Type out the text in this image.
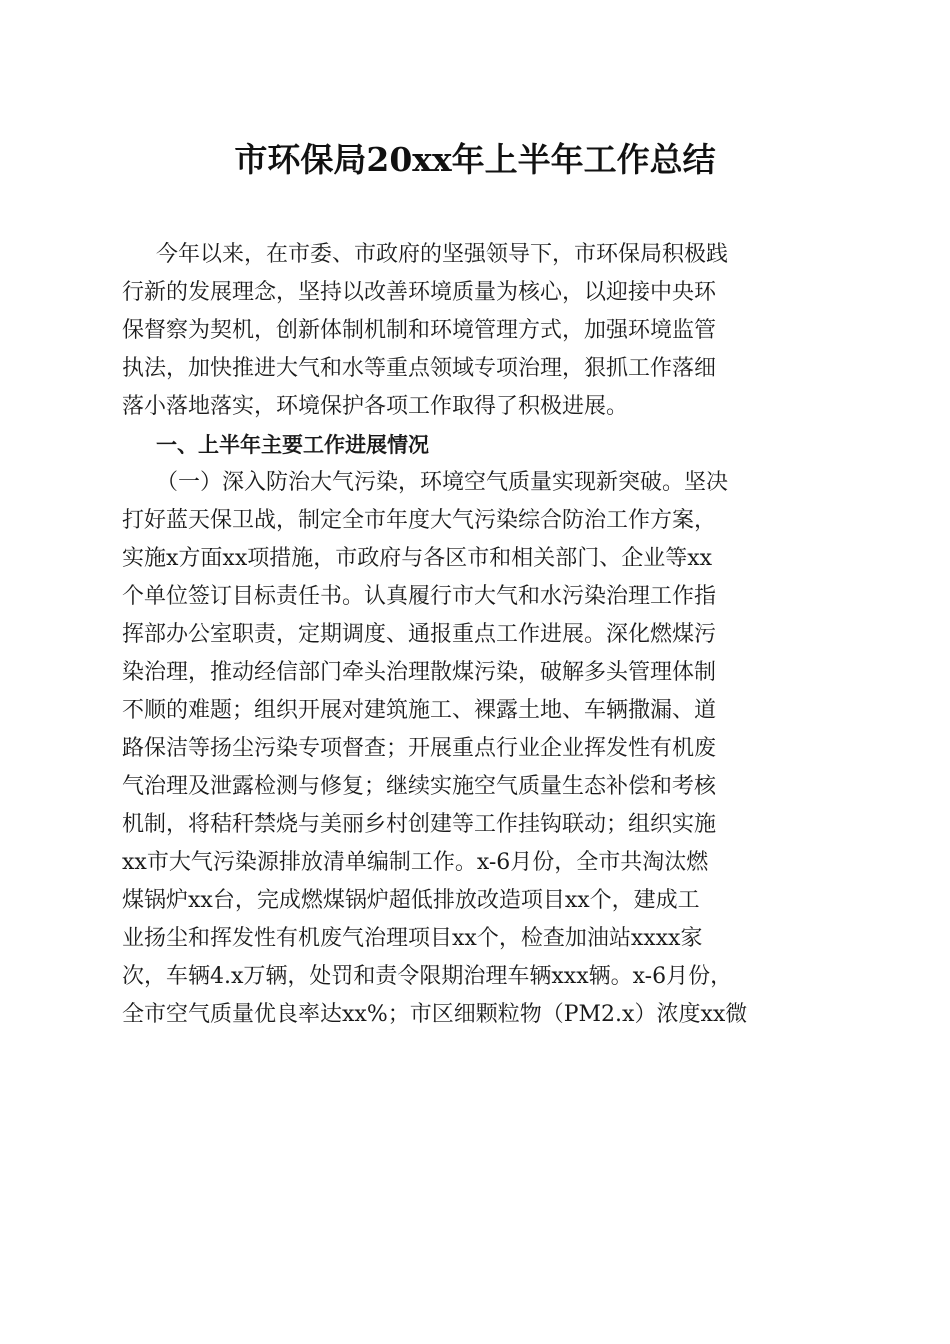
市环保局20xx年上半年工作总结
今年以来，在市委、市政府的坚强领导下，市环保局积极践
行新的发展理念，坚持以改善环境质量为核心，以迎接中央环
保督察为契机，创新体制机制和环境管理方式，加强环境监管
执法，加快推进大气和水等重点领域专项治理，狠抓工作落细
落小落地落实，环境保护各项工作取得了积极进展。
一、上半年主要工作进展情况
（一）深入防治大气污染，环境空气质量实现新突破。坚决
打好蓝天保卫战，制定全市年度大气污染综合防治工作方案，
实施x方面xx项措施，市政府与各区市和相关部门、企业等xx
个单位签订目标责任书。认真履行市大气和水污染治理工作指
挥部办公室职责，定期调度、通报重点工作进展。深化燃煤污
染治理，推动经信部门牵头治理散煤污染，破解多头管理体制
不顺的难题；组织开展对建筑施工、裸露土地、车辆撒漏、道
路保洁等扬尘污染专项督查；开展重点行业企业挥发性有机废
气治理及泄露检测与修复；继续实施空气质量生态补偿和考核
机制，将秸秆禁烧与美丽乡村创建等工作挂钩联动；组织实施
xx市大气污染源排放清单编制工作。x-6月份，全市共淘汰燃
煤锅炉xx台，完成燃煤锅炉超低排放改造项目xx个，建成工
业扬尘和挥发性有机废气治理项目xx个，检查加油站xxxx家
次，车辆4.x万辆，处罚和责令限期治理车辆xxx辆。x-6月份，
全市空气质量优良率达xx%；市区细颗粒物（PM2.x）浓度xx微
